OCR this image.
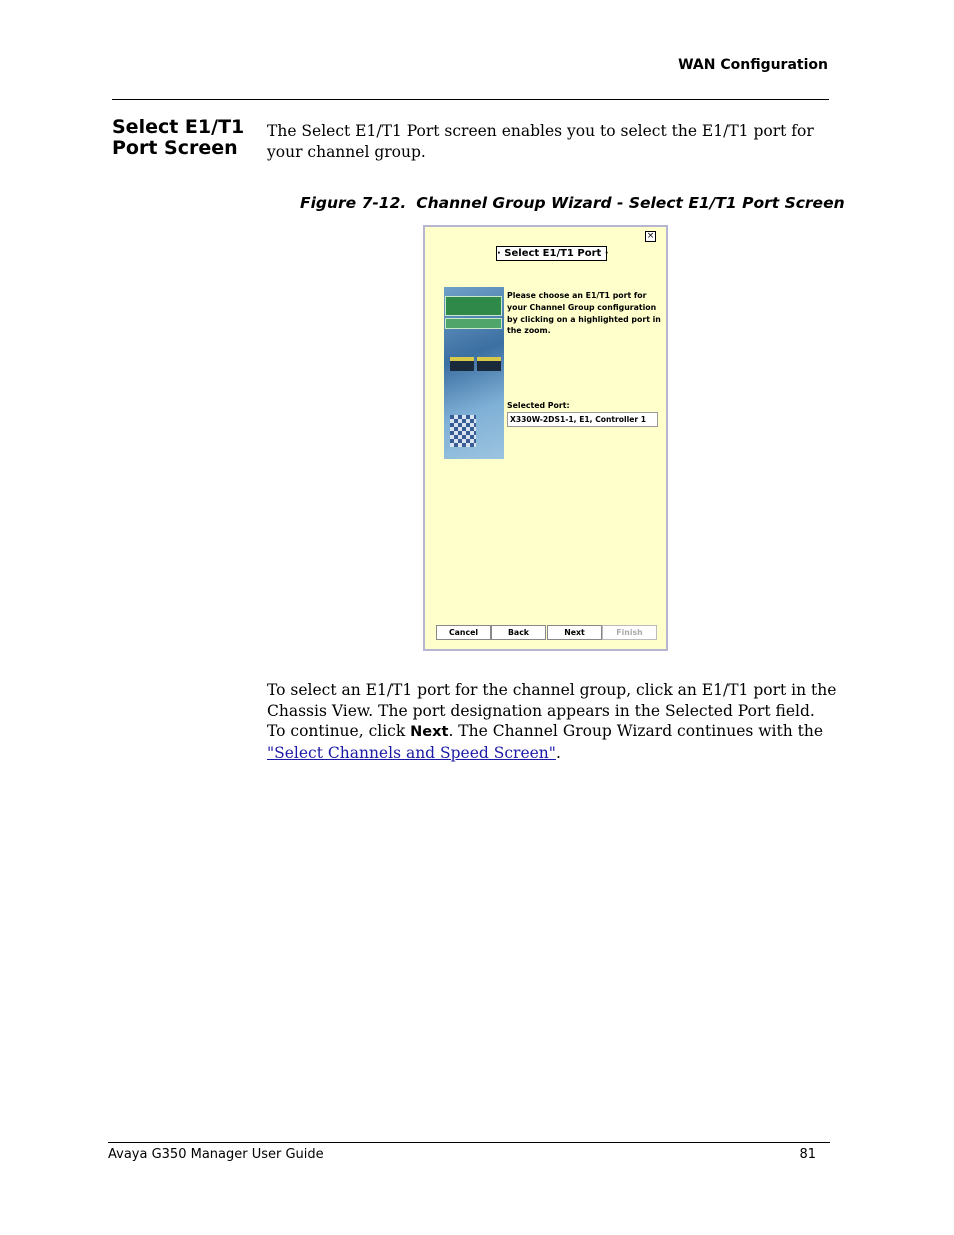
WAN Configuration
Select E1/T1
Port Screen
The Select E1/T1 Port screen enables you to select the E1/T1 port for your channel group.
Figure 7-12. Channel Group Wizard - Select E1/T1 Port Screen
×
· Select E1/T1 Port ·
Please choose an E1/T1 port for your Channel Group configuration by clicking on a highlighted port in the zoom.
Selected Port:
X330W-2DS1-1, E1, Controller 1
Cancel	Back	Next	Finish
To select an E1/T1 port for the channel group, click an E1/T1 port in the Chassis View. The port designation appears in the Selected Port field. To continue, click Next. The Channel Group Wizard continues with the "Select Channels and Speed Screen".
Avaya G350 Manager User Guide	81
